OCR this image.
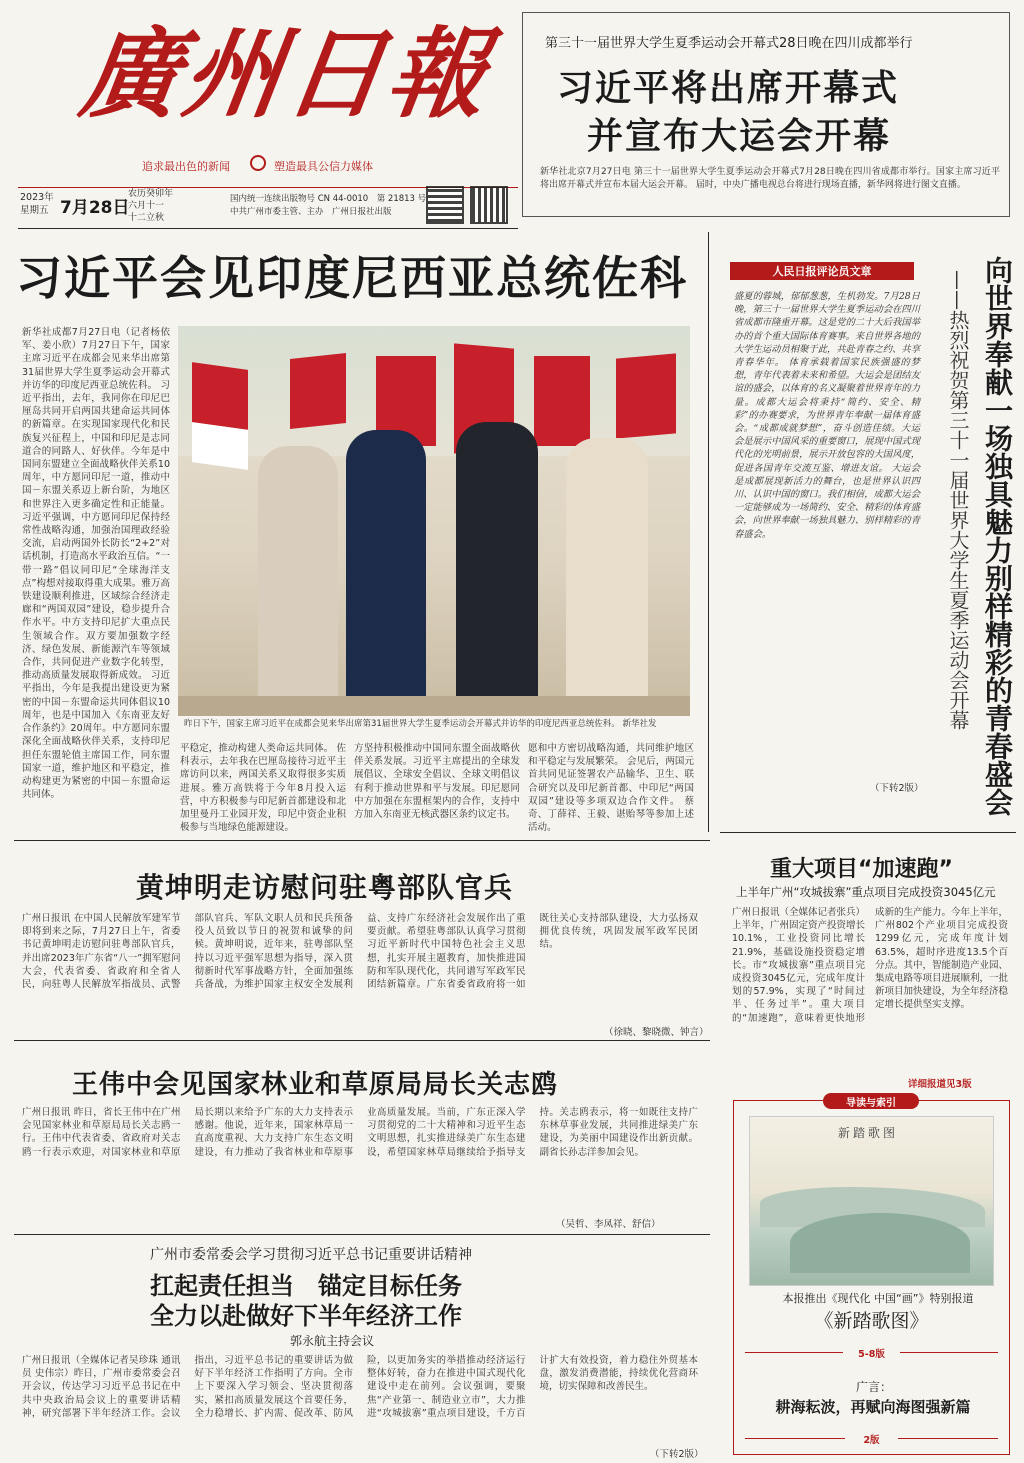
廣州日報
追求最出色的新闻	塑造最具公信力媒体
2023年
星期五 7月28日
农历癸卯年
六月十一
十二立秋
国内统一连续出版物号 CN 44-0010　第 21813 号
中共广州市委主管、主办　广州日报社出版
第三十一届世界大学生夏季运动会开幕式28日晚在四川成都举行
习近平将出席开幕式
并宣布大运会开幕
新华社北京7月27日电 第三十一届世界大学生夏季运动会开幕式7月28日晚在四川省成都市举行。国家主席习近平将出席开幕式并宣布本届大运会开幕。 届时，中央广播电视总台将进行现场直播，新华网将进行图文直播。
习近平会见印度尼西亚总统佐科
新华社成都7月27日电（记者杨依军、姜小欣）7月27日下午，国家主席习近平在成都会见来华出席第31届世界大学生夏季运动会开幕式并访华的印度尼西亚总统佐科。 习近平指出，去年，我同你在印尼巴厘岛共同开启两国共建命运共同体的新篇章。在实现国家现代化和民族复兴征程上，中国和印尼是志同道合的同路人、好伙伴。今年是中国同东盟建立全面战略伙伴关系10周年，中方愿同印尼一道，推动中国－东盟关系迈上新台阶，为地区和世界注入更多确定性和正能量。 习近平强调，中方愿同印尼保持经常性战略沟通，加强治国理政经验交流，启动两国外长防长“2+2”对话机制，打造高水平政治互信。“一带一路”倡议同印尼“全球海洋支点”构想对接取得重大成果。雅万高铁建设顺利推进，区域综合经济走廊和“两国双园”建设，稳步提升合作水平。中方支持印尼扩大重点民生领域合作。双方要加强数字经济、绿色发展、新能源汽车等领域合作，共同促进产业数字化转型，推动高质量发展取得新成效。 习近平指出，今年是我提出建设更为紧密的中国－东盟命运共同体倡议10周年，也是中国加入《东南亚友好合作条约》20周年。中方愿同东盟深化全面战略伙伴关系，支持印尼担任东盟轮值主席国工作，同东盟国家一道，维护地区和平稳定，推动构建更为紧密的中国－东盟命运共同体。
昨日下午，国家主席习近平在成都会见来华出席第31届世界大学生夏季运动会开幕式并访华的印度尼西亚总统佐科。 新华社发
平稳定，推动构建人类命运共同体。 佐科表示，去年我在巴厘岛接待习近平主席访问以来，两国关系又取得很多实质进展。雅万高铁将于今年8月投入运营，中方积极参与印尼新首都建设和北加里曼丹工业园开发，印尼中资企业积极参与当地绿色能源建设。
方坚持积极推动中国同东盟全面战略伙伴关系发展。习近平主席提出的全球发展倡议、全球安全倡议、全球文明倡议有利于推动世界和平与发展。印尼愿同中方加强在东盟框架内的合作，支持中方加入东南亚无核武器区条约议定书。
愿和中方密切战略沟通，共同维护地区和平稳定与发展繁荣。 会见后，两国元首共同见证签署农产品输华、卫生、联合研究以及印尼新首都、中印尼“两国双园”建设等多项双边合作文件。 蔡奇、丁薛祥、王毅、谌贻琴等参加上述活动。
人民日报评论员文章
盛夏的蓉城，郁郁葱葱，生机勃发。7月28日晚，第三十一届世界大学生夏季运动会在四川省成都市隆重开幕。这是党的二十大后我国举办的首个重大国际体育赛事。来自世界各地的大学生运动员相聚于此，共赴青春之约、共享青春华年。 体育承载着国家民族强盛的梦想，青年代表着未来和希望。大运会是团结友谊的盛会，以体育的名义凝聚着世界青年的力量。成都大运会将秉持“简约、安全、精彩”的办赛要求，为世界青年奉献一届体育盛会。“成都成就梦想”，奋斗创造佳绩。大运会是展示中国风采的重要窗口，展现中国式现代化的光明前景，展示开放包容的大国风度，促进各国青年交流互鉴、增进友谊。 大运会是成都展现新活力的舞台，也是世界认识四川、认识中国的窗口。我们相信，成都大运会一定能够成为一场简约、安全、精彩的体育盛会，向世界奉献一场独具魅力、别样精彩的青春盛会。
（下转2版） 向世界奉献一场独具魅力别样精彩的青春盛会
——热烈祝贺第三十一届世界大学生夏季运动会开幕
黄坤明走访慰问驻粤部队官兵
广州日报讯 在中国人民解放军建军节即将到来之际，7月27日上午，省委书记黄坤明走访慰问驻粤部队官兵，并出席2023年广东省“八一”拥军慰问大会，代表省委、省政府和全省人民，向驻粤人民解放军指战员、武警部队官兵、军队文职人员和民兵预备役人员致以节日的祝贺和诚挚的问候。黄坤明说，近年来，驻粤部队坚持以习近平强军思想为指导，深入贯彻新时代军事战略方针，全面加强练兵备战，为维护国家主权安全发展利益、支持广东经济社会发展作出了重要贡献。希望驻粤部队认真学习贯彻习近平新时代中国特色社会主义思想，扎实开展主题教育，加快推进国防和军队现代化，共同谱写军政军民团结新篇章。广东省委省政府将一如既往关心支持部队建设，大力弘扬双拥优良传统，巩固发展军政军民团结。
（徐晓、黎晓微、钟言）
重大项目“加速跑”
上半年广州“攻城拔寨”重点项目完成投资3045亿元
广州日报讯（全媒体记者张兵）上半年，广州固定资产投资增长10.1%，工业投资同比增长21.9%，基础设施投资稳定增长。市“攻城拔寨”重点项目完成投资3045亿元，完成年度计划的57.9%，实现了“时间过半、任务过半”。重大项目的“加速跑”，意味着更快地形成新的生产能力。今年上半年，广州802个产业项目完成投资1299亿元，完成年度计划63.5%，超时序进度13.5个百分点。其中，智能制造产业园、集成电路等项目进展顺利，一批新项目加快建设，为全年经济稳定增长提供坚实支撑。
详细报道见3版
王伟中会见国家林业和草原局局长关志鸥
广州日报讯 昨日，省长王伟中在广州会见国家林业和草原局局长关志鸥一行。王伟中代表省委、省政府对关志鸥一行表示欢迎，对国家林业和草原局长期以来给予广东的大力支持表示感谢。他说，近年来，国家林草局一直高度重视、大力支持广东生态文明建设，有力推动了我省林业和草原事业高质量发展。当前，广东正深入学习贯彻党的二十大精神和习近平生态文明思想，扎实推进绿美广东生态建设，希望国家林草局继续给予指导支持。关志鸥表示，将一如既往支持广东林草事业发展，共同推进绿美广东建设，为美丽中国建设作出新贡献。副省长孙志洋参加会见。
（吴哲、李凤祥、舒信）
广州市委常委会学习贯彻习近平总书记重要讲话精神
扛起责任担当　锚定目标任务
全力以赴做好下半年经济工作
郭永航主持会议
广州日报讯（全媒体记者吴珍珠 通讯员 史伟宗）昨日，广州市委常委会召开会议，传达学习习近平总书记在中共中央政治局会议上的重要讲话精神，研究部署下半年经济工作。会议指出，习近平总书记的重要讲话为做好下半年经济工作指明了方向。全市上下要深入学习领会、坚决贯彻落实，紧扣高质量发展这个首要任务，全力稳增长、扩内需、促改革、防风险，以更加务实的举措推动经济运行整体好转，奋力在推进中国式现代化建设中走在前列。会议强调，要聚焦“产业第一、制造业立市”，大力推进“攻城拔寨”重点项目建设，千方百计扩大有效投资，着力稳住外贸基本盘，激发消费潜能，持续优化营商环境，切实保障和改善民生。
（下转2版）
导读与索引
新踏歌图
本报推出《现代化 中国“画”》特别报道
《新踏歌图》
5-8版
广言：
耕海耘波，再赋向海图强新篇
2版
